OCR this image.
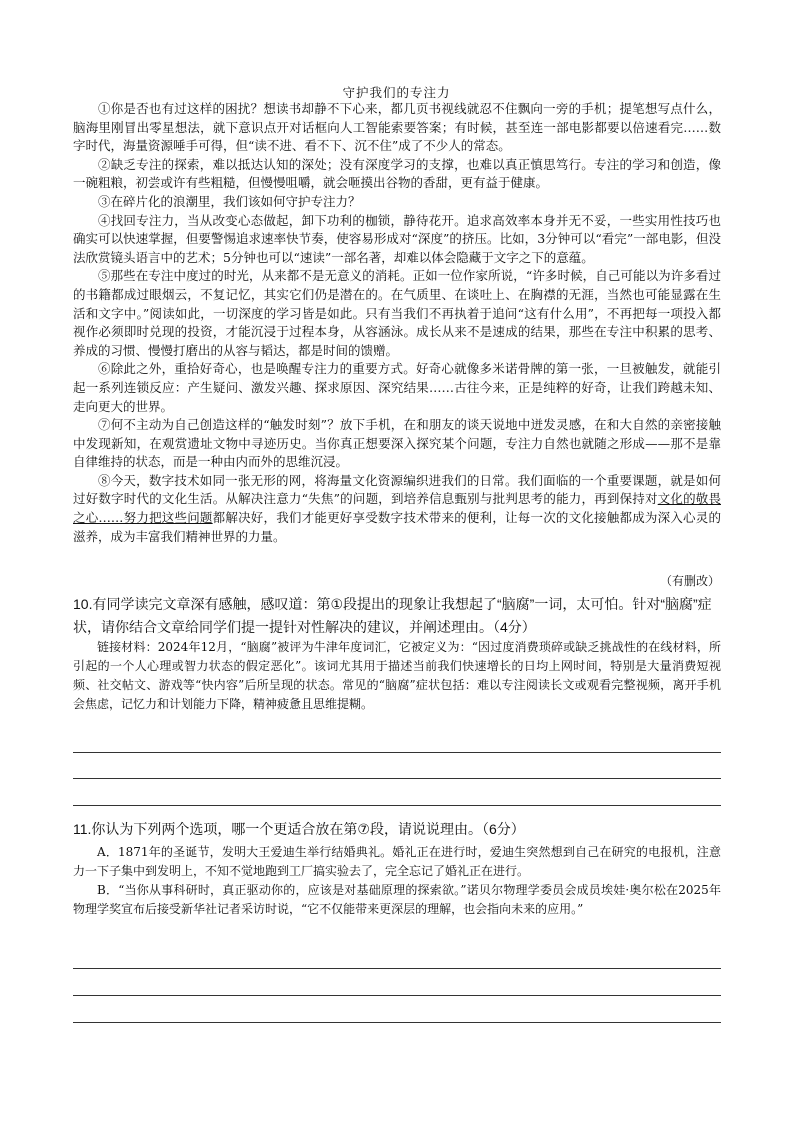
守护我们的专注力

①你是否也有过这样的困扰？想读书却静不下心来，都几页书视线就忍不住飘向一旁的手机；提笔想写点什么，脑海里刚冒出零星想法，就下意识点开对话框向人工智能索要答案；有时候，甚至连一部电影都要以倍速看完……数字时代，海量资源唾手可得，但“读不进、看不下、沉不住”成了不少人的常态。

②缺乏专注的探索，难以抵达认知的深处；没有深度学习的支撑，也难以真正慎思笃行。专注的学习和创造，像一碗粗粮，初尝或许有些粗糙，但慢慢咀嚼，就会咂摸出谷物的香甜，更有益于健康。

③在碎片化的浪潮里，我们该如何守护专注力？

④找回专注力，当从改变心态做起，卸下功利的枷锁，静待花开。追求高效率本身并无不妥，一些实用性技巧也确实可以快速掌握，但要警惕追求速率快节奏，使容易形成对“深度”的挤压。比如，3分钟可以“看完”一部电影，但没法欣赏镜头语言中的艺术；5分钟也可以“速读”一部名著，却难以体会隐藏于文字之下的意蕴。

⑤那些在专注中度过的时光，从来都不是无意义的消耗。正如一位作家所说，“许多时候，自己可能以为许多看过的书籍都成过眼烟云，不复记忆，其实它们仍是潜在的。在气质里、在谈吐上、在胸襟的无涯，当然也可能显露在生活和文字中。”阅读如此，一切深度的学习皆是如此。只有当我们不再执着于追问“这有什么用”，不再把每一项投入都视作必须即时兑现的投资，才能沉浸于过程本身，从容涵泳。成长从来不是速成的结果，那些在专注中积累的思考、养成的习惯、慢慢打磨出的从容与韬达，都是时间的馈赠。

⑥除此之外，重拾好奇心，也是唤醒专注力的重要方式。好奇心就像多米诺骨牌的第一张，一旦被触发，就能引起一系列连锁反应：产生疑问、激发兴趣、探求原因、深究结果……古往今来，正是纯粹的好奇，让我们跨越未知、走向更大的世界。

⑦何不主动为自己创造这样的“触发时刻”？放下手机，在和朋友的谈天说地中迸发灵感，在和大自然的亲密接触中发现新知，在观赏遗址文物中寻迹历史。当你真正想要深入探究某个问题，专注力自然也就随之形成——那不是靠自律维持的状态，而是一种由内而外的思维沉浸。

⑧今天，数字技术如同一张无形的网，将海量文化资源编织进我们的日常。我们面临的一个重要课题，就是如何过好数字时代的文化生活。从解决注意力“失焦”的问题，到培养信息甄别与批判思考的能力，再到保持对文化的敬畏之心……努力把这些问题都解决好，我们才能更好享受数字技术带来的便利，让每一次的文化接触都成为深入心灵的滋养，成为丰富我们精神世界的力量。

（有删改）
10.有同学读完文章深有感触，感叹道：第①段提出的现象让我想起了“脑腐”一词，太可怕。针对“脑腐”症状，请你结合文章给同学们提一提针对性解决的建议，并阐述理由。（4分）

链接材料：2024年12月，“脑腐”被评为牛津年度词汇，它被定义为：“因过度消费琐碎或缺乏挑战性的在线材料，所引起的一个人心理或智力状态的假定恶化”。该词尤其用于描述当前我们快速增长的日均上网时间，特别是大量消费短视频、社交帖文、游戏等“快内容”后所呈现的状态。常见的“脑腐”症状包括：难以专注阅读长文或观看完整视频，离开手机会焦虑，记忆力和计划能力下降，精神疲惫且思维提糊。

11.你认为下列两个选项，哪一个更适合放在第⑦段，请说说理由。（6分）

A．1871年的圣诞节，发明大王爱迪生举行结婚典礼。婚礼正在进行时，爱迪生突然想到自己在研究的电报机，注意力一下子集中到发明上，不知不觉地跑到工厂搞实验去了，完全忘记了婚礼正在进行。

B．“当你从事科研时，真正驱动你的，应该是对基础原理的探索欲。”诺贝尔物理学委员会成员埃娃·奥尔松在2025年物理学奖宣布后接受新华社记者采访时说，“它不仅能带来更深层的理解，也会指向未来的应用。”
